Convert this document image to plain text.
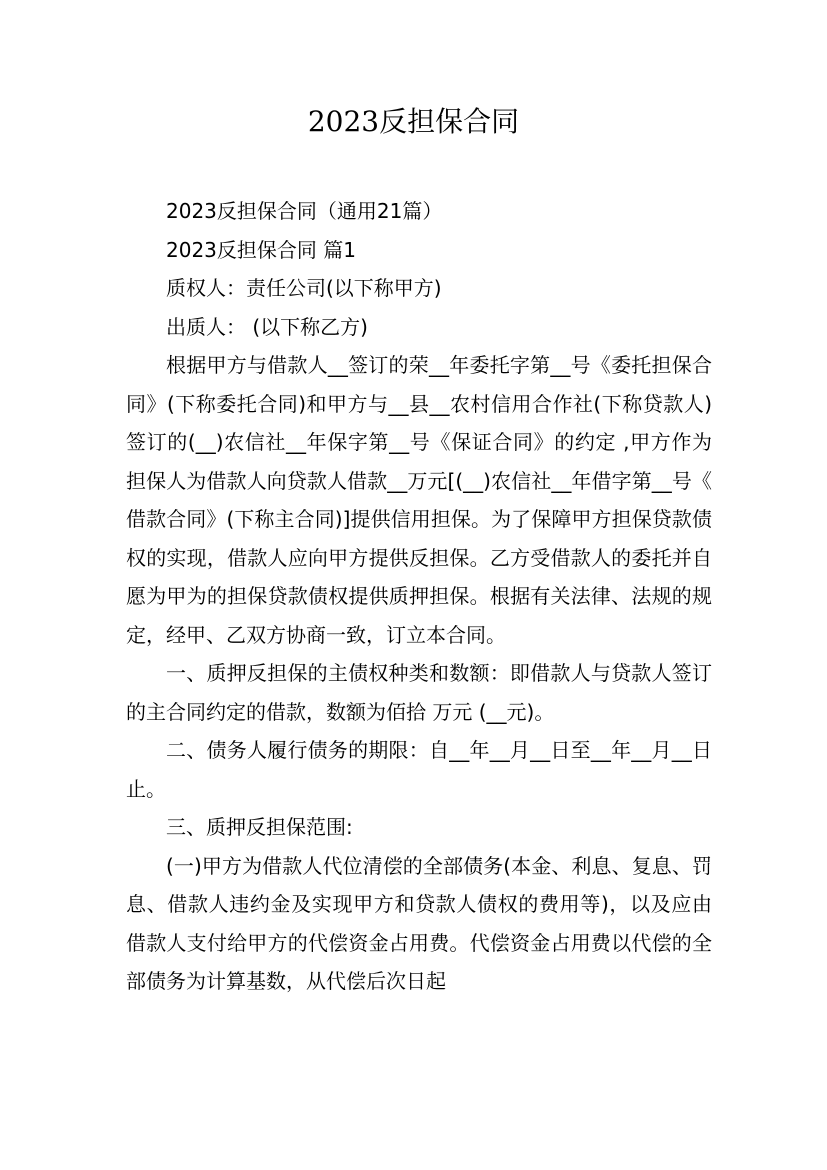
2023反担保合同

2023反担保合同（通用21篇）

2023反担保合同 篇1

质权人：责任公司(以下称甲方)

出质人： (以下称乙方)

根据甲方与借款人__签订的荣__年委托字第__号《委托担保合同》(下称委托合同)和甲方与__县__农村信用合作社(下称贷款人)签订的(__)农信社__年保字第__号《保证合同》的约定 ,甲方作为担保人为借款人向贷款人借款__万元[(__)农信社__年借字第__号《借款合同》(下称主合同)]提供信用担保。为了保障甲方担保贷款债权的实现，借款人应向甲方提供反担保。乙方受借款人的委托并自愿为甲为的担保贷款债权提供质押担保。根据有关法律、法规的规定，经甲、乙双方协商一致，订立本合同。

一、质押反担保的主债权种类和数额：即借款人与贷款人签订的主合同约定的借款，数额为佰拾 万元 (__元)。

二、债务人履行债务的期限：自__年__月__日至__年__月__日止。

三、质押反担保范围:

(一)甲方为借款人代位清偿的全部债务(本金、利息、复息、罚息、借款人违约金及实现甲方和贷款人债权的费用等)，以及应由借款人支付给甲方的代偿资金占用费。代偿资金占用费以代偿的全部债务为计算基数，从代偿后次日起
